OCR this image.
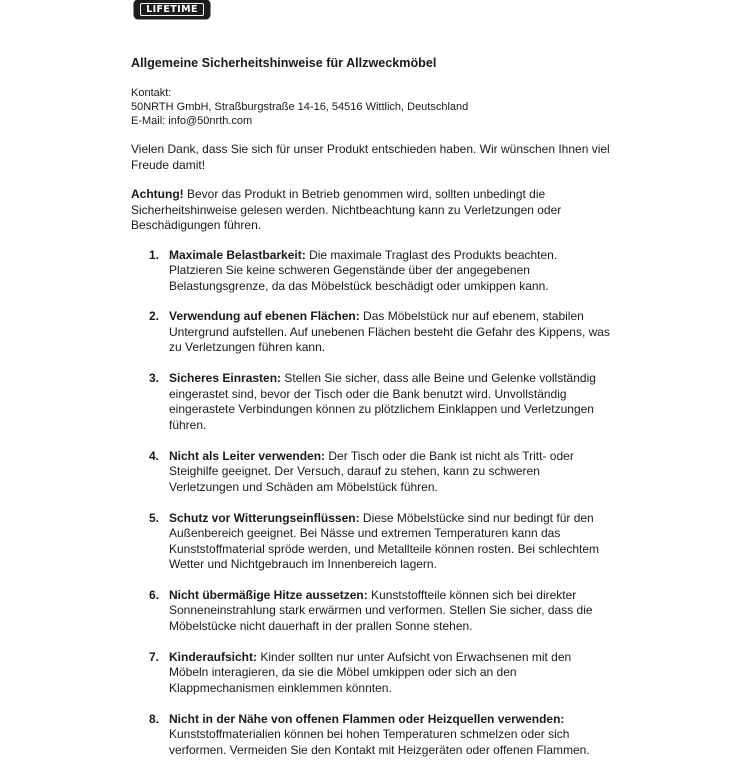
LIFETIME
Allgemeine Sicherheitshinweise für Allzweckmöbel
Kontakt:
50NRTH GmbH, Straßburgstraße 14-16, 54516 Wittlich, Deutschland
E-Mail: info@50nrth.com

Vielen Dank, dass Sie sich für unser Produkt entschieden haben. Wir wünschen Ihnen viel Freude damit!

Achtung! Bevor das Produkt in Betrieb genommen wird, sollten unbedingt die Sicherheitshinweise gelesen werden. Nichtbeachtung kann zu Verletzungen oder Beschädigungen führen.

1. Maximale Belastbarkeit: Die maximale Traglast des Produkts beachten. Platzieren Sie keine schweren Gegenstände über der angegebenen Belastungsgrenze, da das Möbelstück beschädigt oder umkippen kann.
2. Verwendung auf ebenen Flächen: Das Möbelstück nur auf ebenem, stabilen Untergrund aufstellen. Auf unebenen Flächen besteht die Gefahr des Kippens, was zu Verletzungen führen kann.
3. Sicheres Einrasten: Stellen Sie sicher, dass alle Beine und Gelenke vollständig eingerastet sind, bevor der Tisch oder die Bank benutzt wird. Unvollständig eingerastete Verbindungen können zu plötzlichem Einklappen und Verletzungen führen.
4. Nicht als Leiter verwenden: Der Tisch oder die Bank ist nicht als Tritt- oder Steighilfe geeignet. Der Versuch, darauf zu stehen, kann zu schweren Verletzungen und Schäden am Möbelstück führen.
5. Schutz vor Witterungseinflüssen: Diese Möbelstücke sind nur bedingt für den Außenbereich geeignet. Bei Nässe und extremen Temperaturen kann das Kunststoffmaterial spröde werden, und Metallteile können rosten. Bei schlechtem Wetter und Nichtgebrauch im Innenbereich lagern.
6. Nicht übermäßige Hitze aussetzen: Kunststoffteile können sich bei direkter Sonneneinstrahlung stark erwärmen und verformen. Stellen Sie sicher, dass die Möbelstücke nicht dauerhaft in der prallen Sonne stehen.
7. Kinderaufsicht: Kinder sollten nur unter Aufsicht von Erwachsenen mit den Möbeln interagieren, da sie die Möbel umkippen oder sich an den Klappmechanismen einklemmen könnten.
8. Nicht in der Nähe von offenen Flammen oder Heizquellen verwenden: Kunststoffmaterialien können bei hohen Temperaturen schmelzen oder sich verformen. Vermeiden Sie den Kontakt mit Heizgeräten oder offenen Flammen.
